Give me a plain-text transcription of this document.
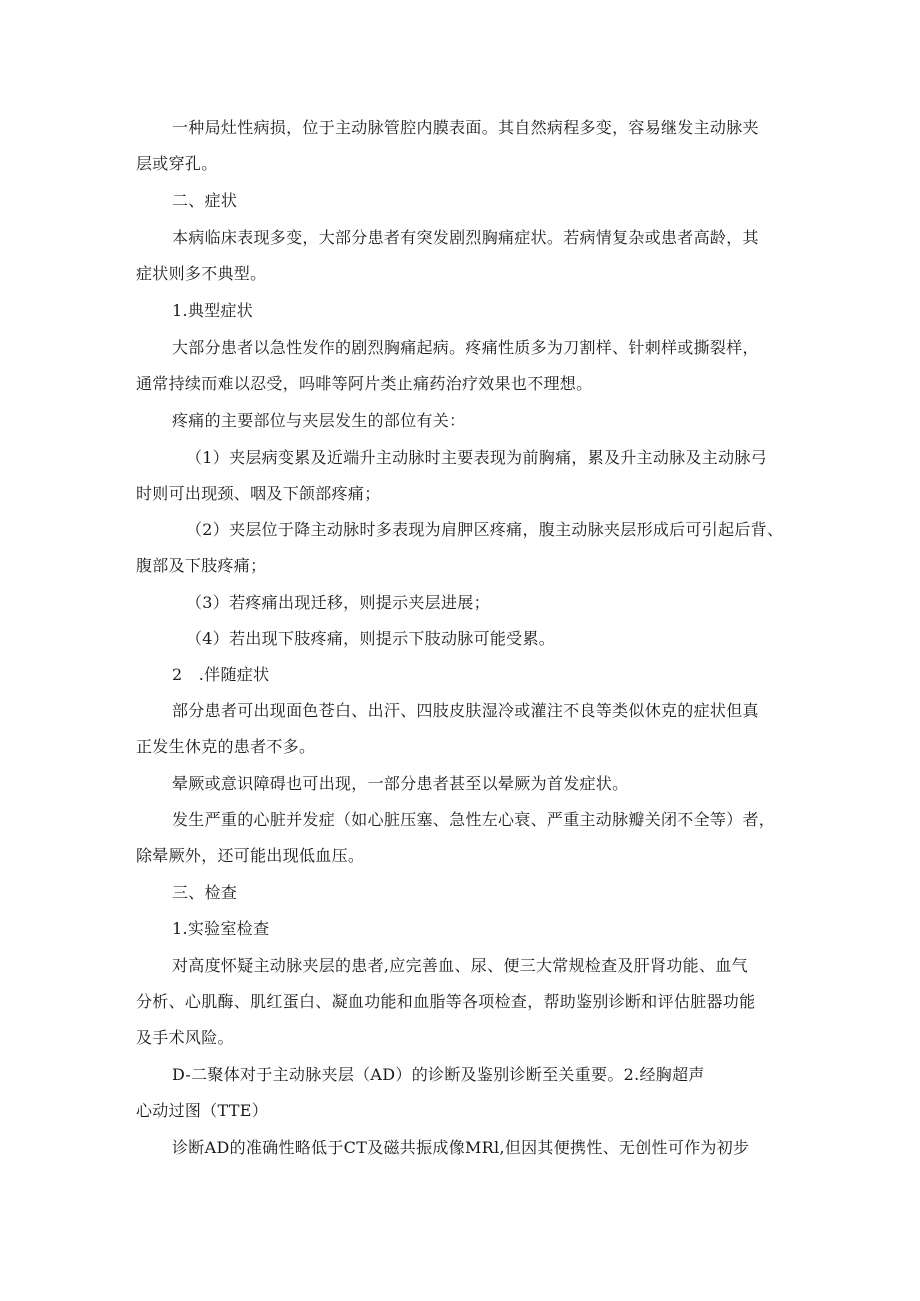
一种局灶性病损，位于主动脉管腔内膜表面。其自然病程多变，容易继发主动脉夹
层或穿孔。

二、症状

本病临床表现多变，大部分患者有突发剧烈胸痛症状。若病情复杂或患者高龄，其
症状则多不典型。

1.典型症状

大部分患者以急性发作的剧烈胸痛起病。疼痛性质多为刀割样、针刺样或撕裂样，
通常持续而难以忍受，吗啡等阿片类止痛药治疗效果也不理想。

疼痛的主要部位与夹层发生的部位有关：

（1）夹层病变累及近端升主动脉时主要表现为前胸痛，累及升主动脉及主动脉弓
时则可出现颈、咽及下颌部疼痛；

（2）夹层位于降主动脉时多表现为肩胛区疼痛，腹主动脉夹层形成后可引起后背、
腹部及下肢疼痛；

（3）若疼痛出现迁移，则提示夹层进展；

（4）若出现下肢疼痛，则提示下肢动脉可能受累。

2　.伴随症状

部分患者可出现面色苍白、出汗、四肢皮肤湿冷或灌注不良等类似休克的症状但真
正发生休克的患者不多。

晕厥或意识障碍也可出现，一部分患者甚至以晕厥为首发症状。

发生严重的心脏并发症（如心脏压塞、急性左心衰、严重主动脉瓣关闭不全等）者，
除晕厥外，还可能出现低血压。

三、检查

1.实验室检查

对高度怀疑主动脉夹层的患者,应完善血、尿、便三大常规检查及肝肾功能、血气
分析、心肌酶、肌红蛋白、凝血功能和血脂等各项检查，帮助鉴别诊断和评估脏器功能
及手术风险。

D-二聚体对于主动脉夹层（AD）的诊断及鉴别诊断至关重要。2.经胸超声
心动过图（TTE）

诊断AD的准确性略低于CT及磁共振成像MRl,但因其便携性、无创性可作为初步
